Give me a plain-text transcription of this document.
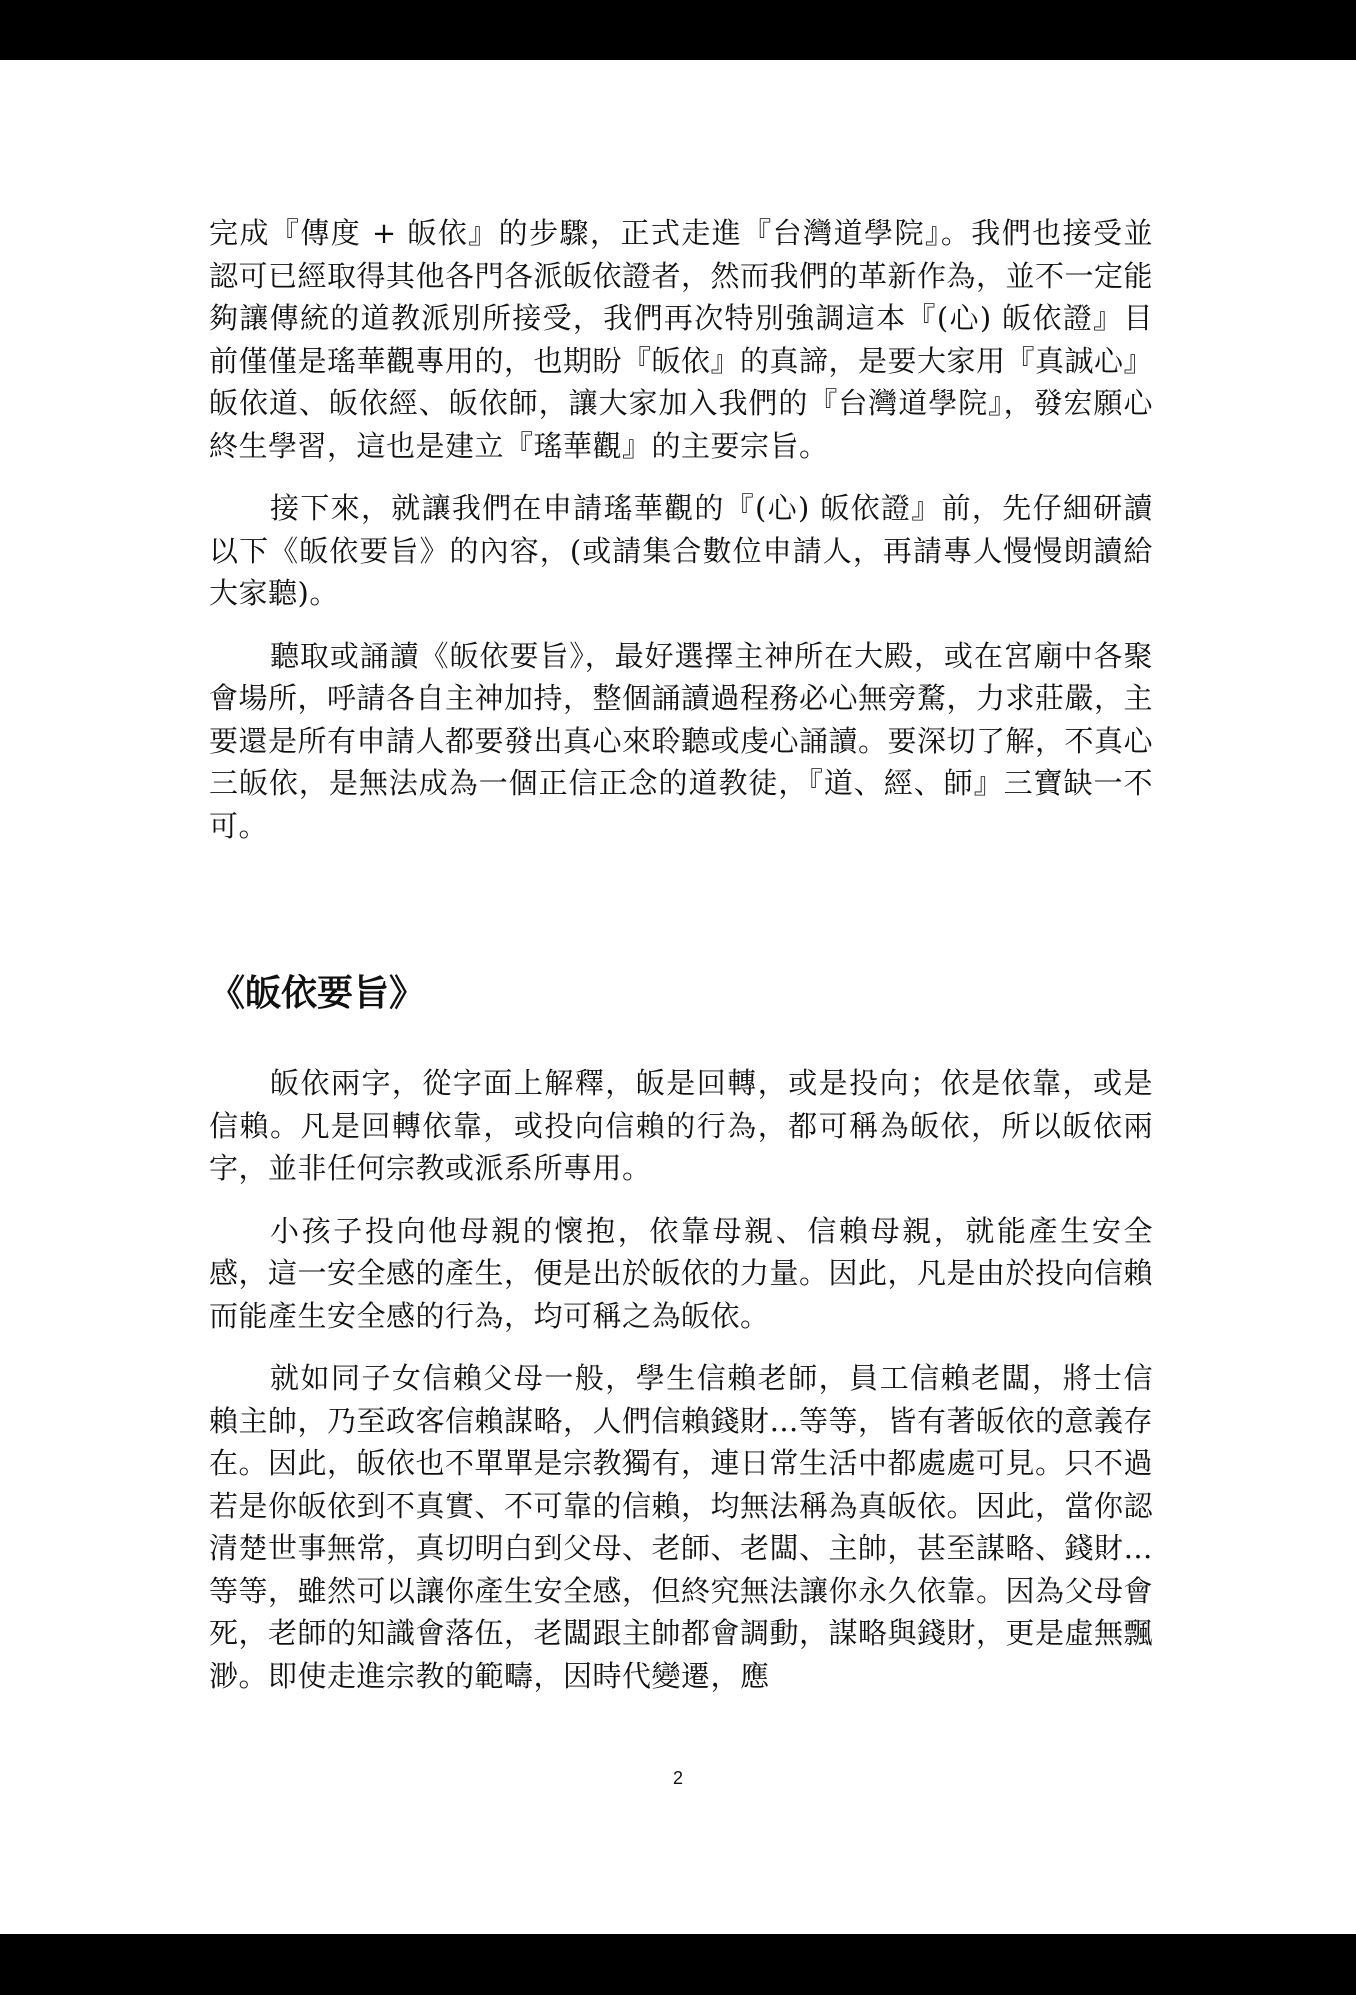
完成『傳度 + 皈依』的步驟，正式走進『台灣道學院』。我們也接受並認可已經取得其他各門各派皈依證者，然而我們的革新作為，並不一定能夠讓傳統的道教派別所接受，我們再次特別強調這本『(心) 皈依證』目前僅僅是瑤華觀專用的，也期盼『皈依』的真諦，是要大家用『真誠心』皈依道、皈依經、皈依師，讓大家加入我們的『台灣道學院』，發宏願心終生學習，這也是建立『瑤華觀』的主要宗旨。

接下來，就讓我們在申請瑤華觀的『(心) 皈依證』前，先仔細研讀以下《皈依要旨》的內容，(或請集合數位申請人，再請專人慢慢朗讀給大家聽)。

聽取或誦讀《皈依要旨》，最好選擇主神所在大殿，或在宮廟中各聚會場所，呼請各自主神加持，整個誦讀過程務必心無旁騖，力求莊嚴，主要還是所有申請人都要發出真心來聆聽或虔心誦讀。要深切了解，不真心三皈依，是無法成為一個正信正念的道教徒，『道、經、師』三寶缺一不可。

《皈依要旨》

皈依兩字，從字面上解釋，皈是回轉，或是投向；依是依靠，或是信賴。凡是回轉依靠，或投向信賴的行為，都可稱為皈依，所以皈依兩字，並非任何宗教或派系所專用。

小孩子投向他母親的懷抱，依靠母親、信賴母親，就能產生安全感，這一安全感的產生，便是出於皈依的力量。因此，凡是由於投向信賴而能產生安全感的行為，均可稱之為皈依。

就如同子女信賴父母一般，學生信賴老師，員工信賴老闆，將士信賴主帥，乃至政客信賴謀略，人們信賴錢財…等等，皆有著皈依的意義存在。因此，皈依也不單單是宗教獨有，連日常生活中都處處可見。只不過若是你皈依到不真實、不可靠的信賴，均無法稱為真皈依。因此，當你認清楚世事無常，真切明白到父母、老師、老闆、主帥，甚至謀略、錢財…等等，雖然可以讓你產生安全感，但終究無法讓你永久依靠。因為父母會死，老師的知識會落伍，老闆跟主帥都會調動，謀略與錢財，更是虛無飄渺。即使走進宗教的範疇，因時代變遷，應

2
